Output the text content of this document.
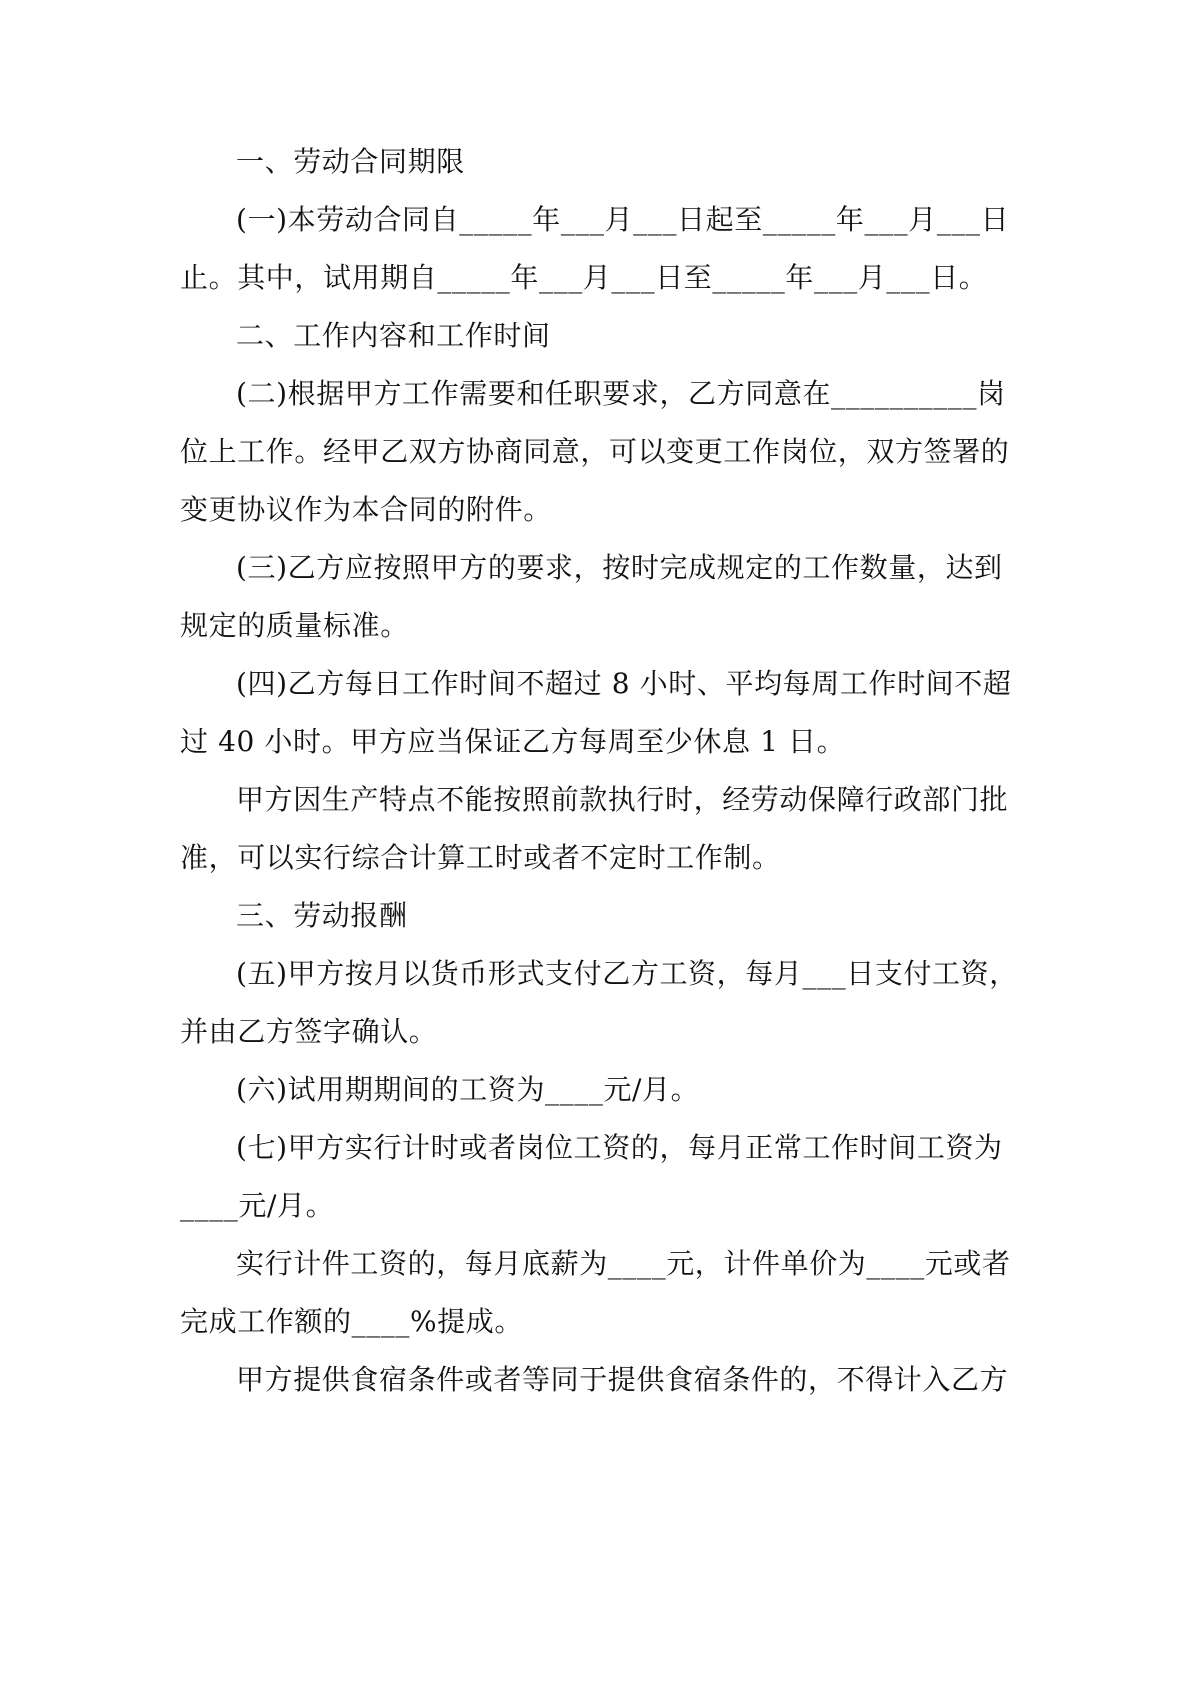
一、劳动合同期限
(一)本劳动合同自_____年___月___日起至_____年___月___日
止。其中，试用期自_____年___月___日至_____年___月___日。
二、工作内容和工作时间
(二)根据甲方工作需要和任职要求，乙方同意在__________岗
位上工作。经甲乙双方协商同意，可以变更工作岗位，双方签署的
变更协议作为本合同的附件。
(三)乙方应按照甲方的要求，按时完成规定的工作数量，达到
规定的质量标准。
(四)乙方每日工作时间不超过 8 小时、平均每周工作时间不超
过 40 小时。甲方应当保证乙方每周至少休息 1 日。
甲方因生产特点不能按照前款执行时，经劳动保障行政部门批
准，可以实行综合计算工时或者不定时工作制。
三、劳动报酬
(五)甲方按月以货币形式支付乙方工资，每月___日支付工资，
并由乙方签字确认。
(六)试用期期间的工资为____元/月。
(七)甲方实行计时或者岗位工资的，每月正常工作时间工资为
____元/月。
实行计件工资的，每月底薪为____元，计件单价为____元或者
完成工作额的____%提成。
甲方提供食宿条件或者等同于提供食宿条件的，不得计入乙方
